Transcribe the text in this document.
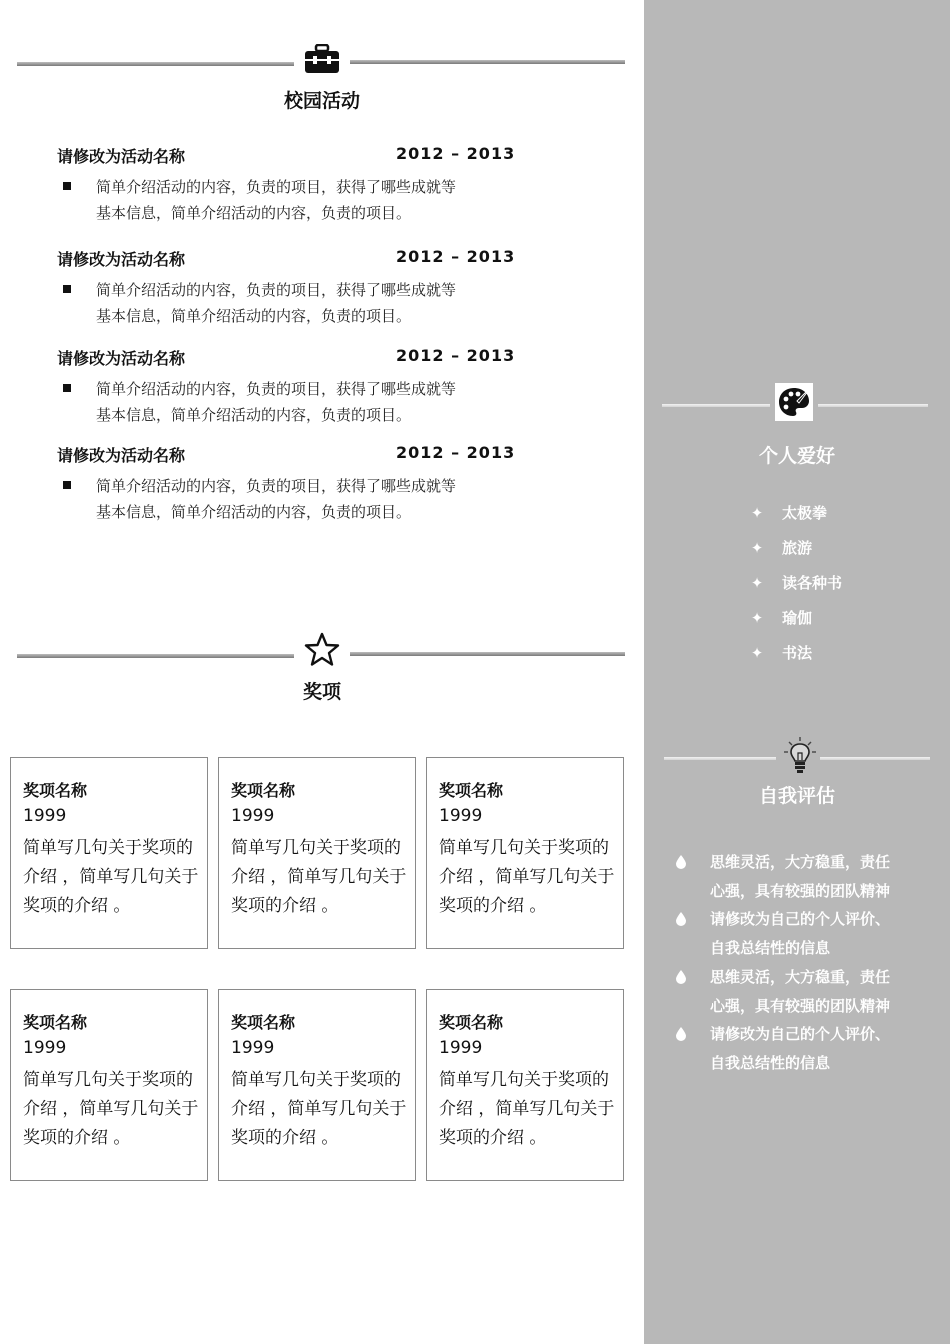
校园活动
请修改为活动名称	2012 – 2013
简单介绍活动的内容，负责的项目，获得了哪些成就等
基本信息，简单介绍活动的内容，负责的项目。
请修改为活动名称	2012 – 2013
简单介绍活动的内容，负责的项目，获得了哪些成就等
基本信息，简单介绍活动的内容，负责的项目。
请修改为活动名称	2012 – 2013
简单介绍活动的内容，负责的项目，获得了哪些成就等
基本信息，简单介绍活动的内容，负责的项目。
请修改为活动名称	2012 – 2013
简单介绍活动的内容，负责的项目，获得了哪些成就等
基本信息，简单介绍活动的内容，负责的项目。
奖项
奖项名称
1999
简单写几句关于奖项的介绍 ，简单写几句关于奖项的介绍 。
奖项名称
1999
简单写几句关于奖项的介绍 ，简单写几句关于奖项的介绍 。
奖项名称
1999
简单写几句关于奖项的介绍 ，简单写几句关于奖项的介绍 。
奖项名称
1999
简单写几句关于奖项的介绍 ，简单写几句关于奖项的介绍 。
奖项名称
1999
简单写几句关于奖项的介绍 ，简单写几句关于奖项的介绍 。
奖项名称
1999
简单写几句关于奖项的介绍 ，简单写几句关于奖项的介绍 。
个人爱好
✦ 太极拳
✦ 旅游
✦ 读各种书
✦ 瑜伽
✦ 书法
自我评估
思维灵活，大方稳重，责任
心强，具有较强的团队精神
请修改为自己的个人评价、
自我总结性的信息
思维灵活，大方稳重，责任
心强，具有较强的团队精神
请修改为自己的个人评价、
自我总结性的信息
